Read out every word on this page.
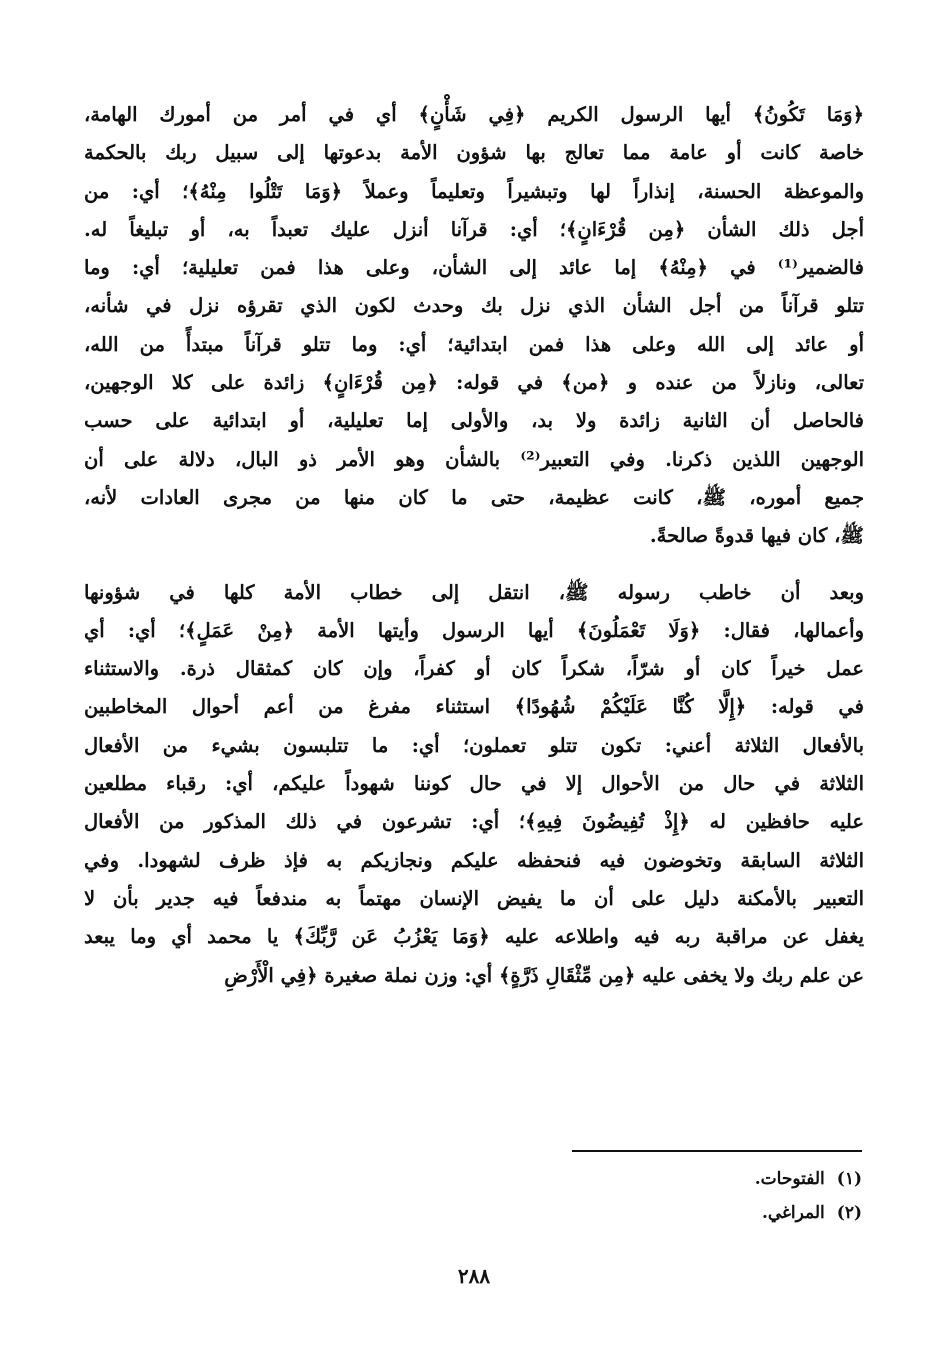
﴿وَمَا تَكُونُ﴾ أيها الرسول الكريم ﴿فِي شَأْنٍ﴾ أي في أمر من أمورك الهامة،
خاصة كانت أو عامة مما تعالج بها شؤون الأمة بدعوتها إلى سبيل ربك بالحكمة
والموعظة الحسنة، إنذاراً لها وتبشيراً وتعليماً وعملاً ﴿وَمَا تَتْلُوا مِنْهُ﴾؛ أي: من
أجل ذلك الشأن ﴿مِن قُرْءَانٍ﴾؛ أي: قرآنا أنزل عليك تعبداً به، أو تبليغاً له.
فالضمير⁽¹⁾ في ﴿مِنْهُ﴾ إما عائد إلى الشأن، وعلى هذا فمن تعليلية؛ أي: وما
تتلو قرآناً من أجل الشأن الذي نزل بك وحدث لكون الذي تقرؤه نزل في شأنه،
أو عائد إلى الله وعلى هذا فمن ابتدائية؛ أي: وما تتلو قرآناً مبتدأً من الله،
تعالى، ونازلاً من عنده و ﴿من﴾ في قوله: ﴿مِن قُرْءَانٍ﴾ زائدة على كلا الوجهين،
فالحاصل أن الثانية زائدة ولا بد، والأولى إما تعليلية، أو ابتدائية على حسب
الوجهين اللذين ذكرنا. وفي التعبير⁽²⁾ بالشأن وهو الأمر ذو البال، دلالة على أن
جميع أموره، ﷺ، كانت عظيمة، حتى ما كان منها من مجرى العادات لأنه،
ﷺ، كان فيها قدوةً صالحةً.

وبعد أن خاطب رسوله ﷺ، انتقل إلى خطاب الأمة كلها في شؤونها
وأعمالها، فقال: ﴿وَلَا تَعْمَلُونَ﴾ أيها الرسول وأيتها الأمة ﴿مِنْ عَمَلٍ﴾؛ أي: أي
عمل خيراً كان أو شرّاً، شكراً كان أو كفراً، وإن كان كمثقال ذرة. والاستثناء
في قوله: ﴿إِلَّا كُنَّا عَلَيْكُمْ شُهُودًا﴾ استثناء مفرغ من أعم أحوال المخاطبين
بالأفعال الثلاثة أعني: تكون تتلو تعملون؛ أي: ما تتلبسون بشيء من الأفعال
الثلاثة في حال من الأحوال إلا في حال كوننا شهوداً عليكم، أي: رقباء مطلعين
عليه حافظين له ﴿إِذْ تُفِيضُونَ فِيهِ﴾؛ أي: تشرعون في ذلك المذكور من الأفعال
الثلاثة السابقة وتخوضون فيه فنحفظه عليكم ونجازيكم به فإذ ظرف لشهودا. وفي
التعبير بالأمكنة دليل على أن ما يفيض الإنسان مهتماً به مندفعاً فيه جدير بأن لا
يغفل عن مراقبة ربه فيه واطلاعه عليه ﴿وَمَا يَعْزُبُ عَن رَّبِّكَ﴾ يا محمد أي وما يبعد
عن علم ربك ولا يخفى عليه ﴿مِن مِّثْقَالِ ذَرَّةٍ﴾ أي: وزن نملة صغيرة ﴿فِي الْأَرْضِ

(١)الفتوحات.
(٢)المراغي.
٢٨٨
